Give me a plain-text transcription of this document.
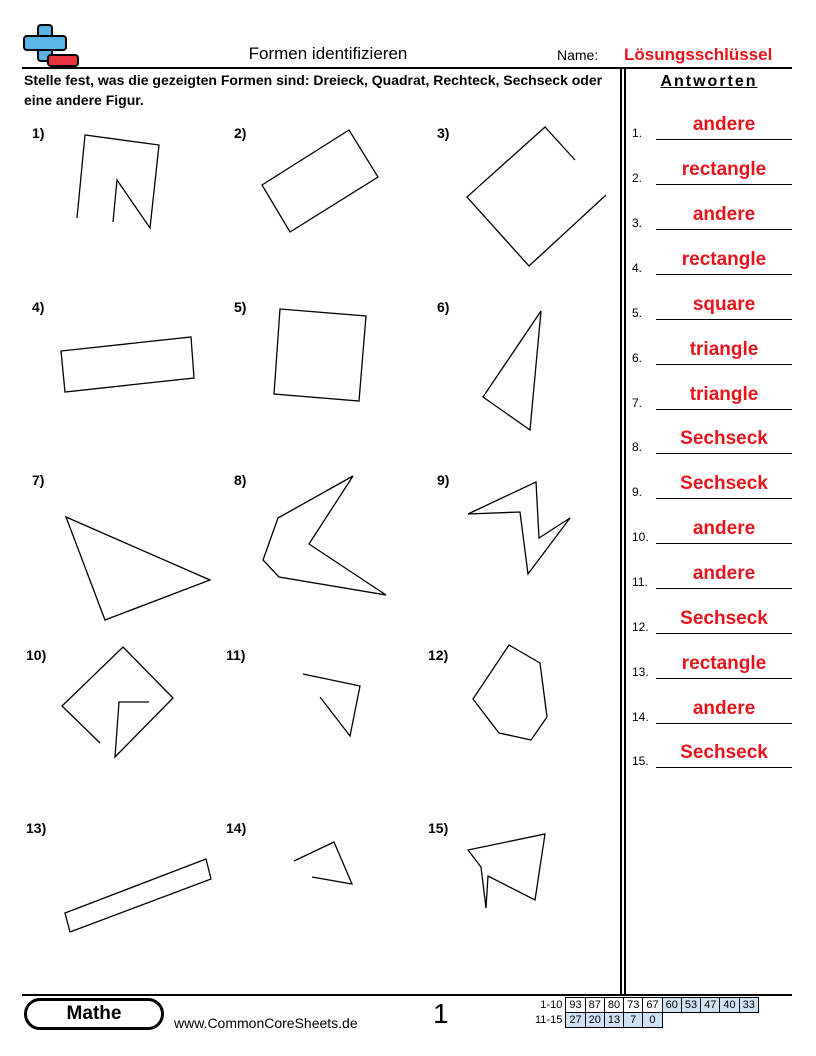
Formen identifizieren	Name: Lösungsschlüssel
Stelle fest, was die gezeigten Formen sind: Dreieck, Quadrat, Rechteck, Sechseck oder eine andere Figur.
1)	2)	3)
4)	5)	6)
7)	8)	9)
10)	11)	12)
13)	14)	15)
Antworten
1.	andere
2.	rectangle
3.	andere
4.	rectangle
5.	square
6.	triangle
7.	triangle
8.	Sechseck
9.	Sechseck
10.	andere
11.	andere
12.	Sechseck
13.	rectangle
14.	andere
15.	Sechseck
Mathe	www.CommonCoreSheets.de	1	1-10	93	87	80	73	67	60	53	47	40	33
11-15	27	20	13	7	0					
